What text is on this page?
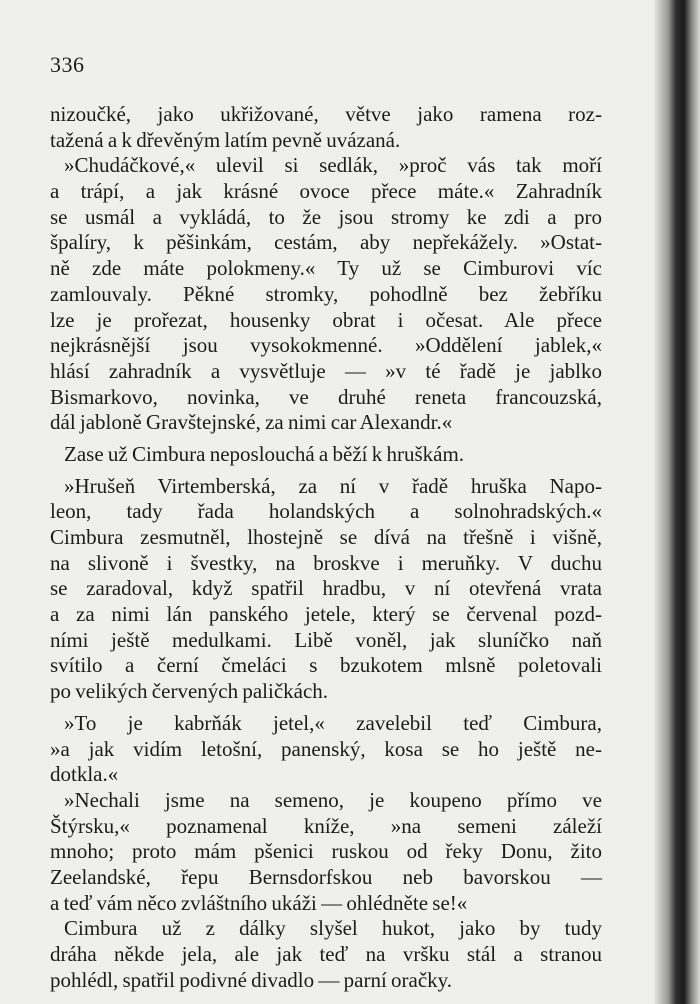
336
nizoučké, jako ukřižované, větve jako ramena roz-
tažená a k dřevěným latím pevně uvázaná.
»Chudáčkové,« ulevil si sedlák, »proč vás tak moří
a trápí, a jak krásné ovoce přece máte.« Zahradník
se usmál a vykládá, to že jsou stromy ke zdi a pro
špalíry, k pěšinkám, cestám, aby nepřekážely. »Ostat-
ně zde máte polokmeny.« Ty už se Cimburovi víc
zamlouvaly. Pěkné stromky, pohodlně bez žebříku
lze je prořezat, housenky obrat i očesat. Ale přece
nejkrásnější jsou vysokokmenné. »Oddělení jablek,«
hlásí zahradník a vysvětluje — »v té řadě je jablko
Bismarkovo, novinka, ve druhé reneta francouzská,
dál jabloně Gravštejnské, za nimi car Alexandr.«
Zase už Cimbura neposlouchá a běží k hruškám.
»Hrušeň Virtemberská, za ní v řadě hruška Napo-
leon, tady řada holandských a solnohradských.«
Cimbura zesmutněl, lhostejně se dívá na třešně i višně,
na slivoně i švestky, na broskve i meruňky. V duchu
se zaradoval, když spatřil hradbu, v ní otevřená vrata
a za nimi lán panského jetele, který se červenal pozd-
ními ještě medulkami. Libě voněl, jak sluníčko naň
svítilo a černí čmeláci s bzukotem mlsně poletovali
po velikých červených paličkách.
»To je kabrňák jetel,« zavelebil teď Cimbura,
»a jak vidím letošní, panenský, kosa se ho ještě ne-
dotkla.«
»Nechali jsme na semeno, je koupeno přímo ve
Štýrsku,« poznamenal kníže, »na semeni záleží
mnoho; proto mám pšenici ruskou od řeky Donu, žito
Zeelandské, řepu Bernsdorfskou neb bavorskou —
a teď vám něco zvláštního ukáži — ohlédněte se!«
Cimbura už z dálky slyšel hukot, jako by tudy
dráha někde jela, ale jak teď na vršku stál a stranou
pohlédl, spatřil podivné divadlo — parní oračky.
